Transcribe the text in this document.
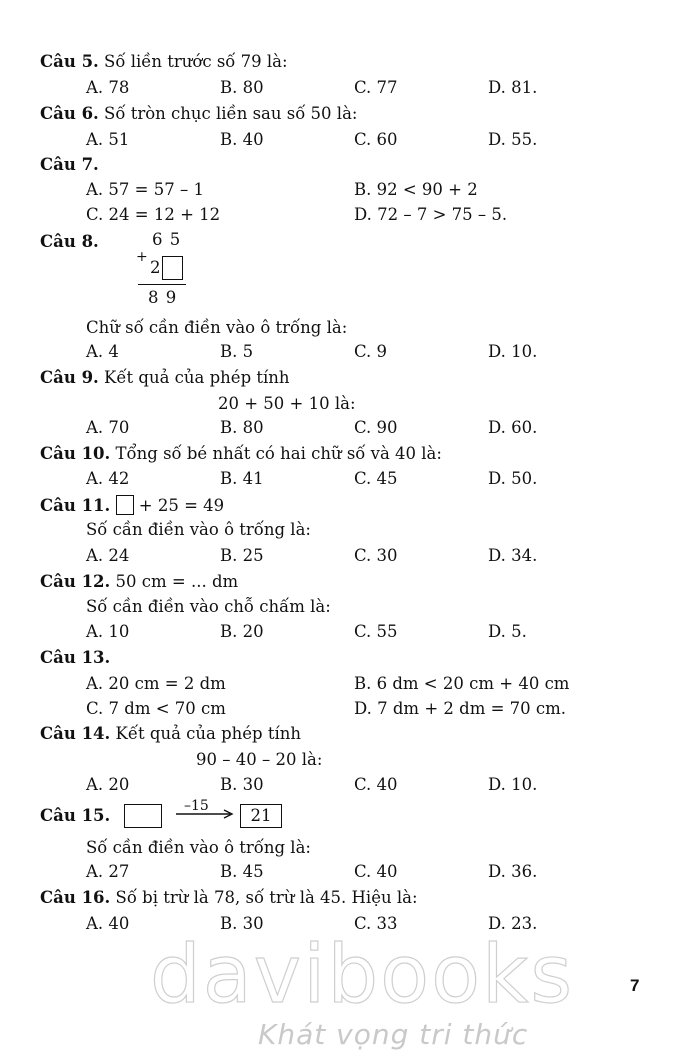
Câu 5. Số liền trước số 79 là:
A. 78	B. 80	C. 77	D. 81.
Câu 6. Số tròn chục liền sau số 50 là:
A. 51	B. 40	C. 60	D. 55.
Câu 7.
A. 57 = 57 – 1	B. 92 < 90 + 2
C. 24 = 12 + 12	D. 72 – 7 > 75 – 5.
Câu 8.	6 5
+
2
8 9
Chữ số cần điền vào ô trống là:
A. 4	B. 5	C. 9	D. 10.
Câu 9. Kết quả của phép tính
20 + 50 + 10 là:
A. 70	B. 80	C. 90	D. 60.
Câu 10. Tổng số bé nhất có hai chữ số và 40 là:
A. 42	B. 41	C. 45	D. 50.
Câu 11. + 25 = 49
Số cần điền vào ô trống là:
A. 24	B. 25	C. 30	D. 34.
Câu 12. 50 cm = ... dm
Số cần điền vào chỗ chấm là:
A. 10	B. 20	C. 55	D. 5.
Câu 13.
A. 20 cm = 2 dm	B. 6 dm < 20 cm + 40 cm
C. 7 dm < 70 cm	D. 7 dm + 2 dm = 70 cm.
Câu 14. Kết quả của phép tính
90 – 40 – 20 là:
A. 20	B. 30	C. 40	D. 10.
Câu 15.	–15	21
Số cần điền vào ô trống là:
A. 27	B. 45	C. 40	D. 36.
Câu 16. Số bị trừ là 78, số trừ là 45. Hiệu là:
A. 40	B. 30	C. 33	D. 23.
davibooks
Khát vọng tri thức
7
